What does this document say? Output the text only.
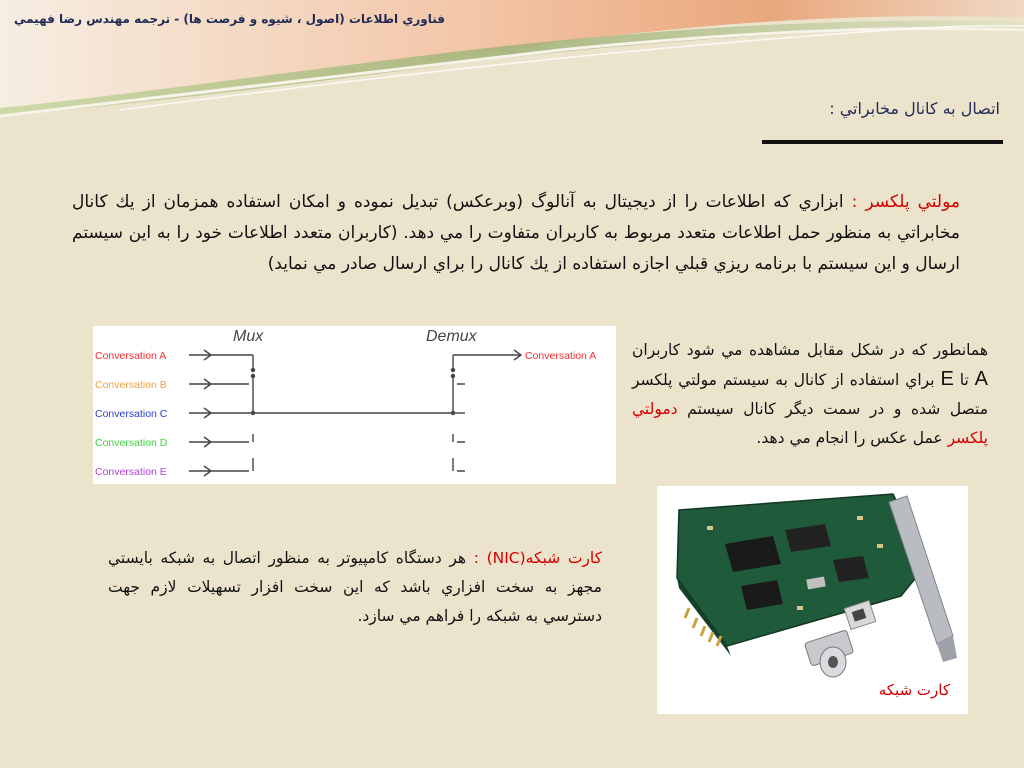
فناوري اطلاعات (اصول ، شيوه و فرصت ها) - ترجمه مهندس رضا فهيمي
اتصال به كانال مخابراتي :
مولتي پلكسر : ابزاري كه اطلاعات را از ديجيتال به آنالوگ (وبرعكس) تبديل نموده و امكان استفاده همزمان از يك كانال مخابراتي به منظور حمل اطلاعات متعدد مربوط به كاربران متفاوت را مي دهد. (كاربران متعدد اطلاعات خود را به اين سيستم ارسال و اين سيستم با برنامه ريزي قبلي اجازه استفاده از يك كانال را براي ارسال صادر مي نمايد)
Mux	Demux
Conversation A
Conversation B
Conversation C
Conversation D
Conversation E
Conversation A همانطور كه در شكل مقابل مشاهده مي شود كاربران A تا E براي استفاده از كانال به سيستم مولتي پلكسر متصل شده و در سمت ديگر كانال سيستم دمولتي پلكسر عمل عكس را انجام مي دهد.
كارت شبكه
كارت شبكه(NIC) : هر دستگاه كامپيوتر به منظور اتصال به شبكه بايستي مجهز به سخت افزاري باشد كه اين سخت افزار تسهيلات لازم جهت دسترسي به شبكه را فراهم مي سازد.
